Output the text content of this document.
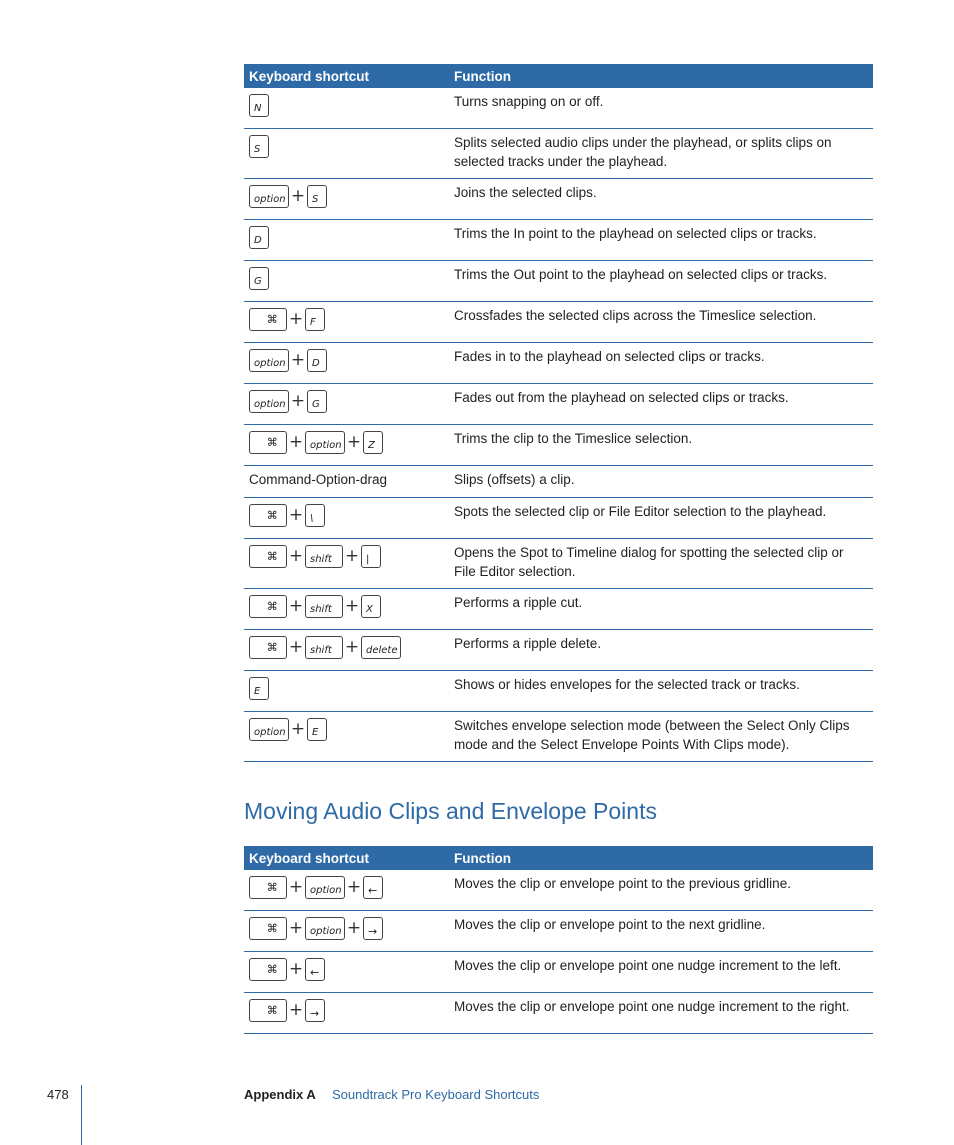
Keyboard shortcut	Function
N	Turns snapping on or off.
S	Splits selected audio clips under the playhead, or splits clips on selected tracks under the playhead.
option + S	Joins the selected clips.
D	Trims the In point to the playhead on selected clips or tracks.
G	Trims the Out point to the playhead on selected clips or tracks.
⌘ + F	Crossfades the selected clips across the Timeslice selection.
option + D	Fades in to the playhead on selected clips or tracks.
option + G	Fades out from the playhead on selected clips or tracks.
⌘ + option + Z	Trims the clip to the Timeslice selection.
Command-Option-drag	Slips (offsets) a clip.
⌘ + \	Spots the selected clip or File Editor selection to the playhead.
⌘ + shift + |	Opens the Spot to Timeline dialog for spotting the selected clip or File Editor selection.
⌘ + shift + X	Performs a ripple cut.
⌘ + shift + delete	Performs a ripple delete.
E	Shows or hides envelopes for the selected track or tracks.
option + E	Switches envelope selection mode (between the Select Only Clips mode and the Select Envelope Points With Clips mode).
Moving Audio Clips and Envelope Points
Keyboard shortcut	Function
⌘ + option + ←	Moves the clip or envelope point to the previous gridline.
⌘ + option + →	Moves the clip or envelope point to the next gridline.
⌘ + ←	Moves the clip or envelope point one nudge increment to the left.
⌘ + →	Moves the clip or envelope point one nudge increment to the right.
478	Appendix A Soundtrack Pro Keyboard Shortcuts
